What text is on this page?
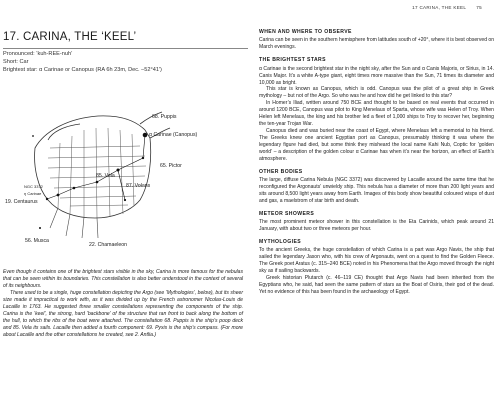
17 CARINA, THE KEEL 75
17. CARINA, THE ‘KEEL’
Pronounced: ‘kuh-REE-nuh’
Short: Car
Brightest star: α Carinae or Canopus (RA 6h 23m, Dec. –52°41′)
85. Vela
68. Puppis
α Carinae (Canopus)
65. Pictor
87. Volans
19. Centaurus
NGC 3372
η Carinae
56. Musca
22. Chamaeleon

Even though it contains one of the brightest stars visible in the sky, Carina is more famous for the nebulas that can be seen within its boundaries. This constellation is also better understood in the context of several of its neighbours.

There used to be a single, huge constellation depicting the Argo (see ‘Mythologies’, below), but its sheer size made it impractical to work with, as it was divided up by the French astronomer Nicolas-Louis de Lacaille in 1763. He suggested three smaller constellations representing the components of the ship. Carina is the ‘keel’, the strong, hard ‘backbone’ of the structure that ran front to back along the bottom of the hull, to which the ribs of the boat were attached. The constellation 68. Puppis is the ship’s poop deck and 85. Vela its sails. Lacaille then added a fourth component: 69. Pyxis is the ship’s compass. (For more about Lacaille and the other constellations he created, see 2. Antlia.)

WHEN AND WHERE TO OBSERVE

Carina can be seen in the southern hemisphere from latitudes south of +20°, where it is best observed on March evenings.

THE BRIGHTEST STARS

α Carinae is the second brightest star in the night sky, after the Sun and α Canis Majoris, or Sirius, in 14. Canis Major. It’s a white A-type giant, eight times more massive than the Sun, 71 times its diameter and 10,000 as bright.

This star is known as Canopus, which is odd. Canopus was the pilot of a great ship in Greek mythology – but not of the Argo. So who was he and how did he get linked to this star?

In Homer’s Iliad, written around 750 BCE and thought to be based on real events that occurred in around 1200 BCE, Canopus was pilot to King Menelaus of Sparta, whose wife was Helen of Troy. When Helen left Menelaus, the king and his brother led a fleet of 1,000 ships to Troy to recover her, beginning the ten-year Trojan War.

Canopus died and was buried near the coast of Egypt, where Menelaus left a memorial to his friend. The Greeks knew one ancient Egyptian port as Canopus, presumably thinking it was where the legendary figure had died, but some think they misheard the local name Kahi Nub, Coptic for ‘golden world’ – a description of the golden colour α Carinae has when it’s near the horizon, an effect of Earth’s atmosphere.

OTHER BODIES

The large, diffuse Carina Nebula (NGC 3372) was discovered by Lacaille around the same time that he reconfigured the Argonauts’ unwieldy ship. This nebula has a diameter of more than 200 light years and sits around 8,500 light years away from Earth. Images of this body show beautiful coloured wisps of dust and gas, a maelstrom of star birth and death.

METEOR SHOWERS

The most prominent meteor shower in this constellation is the Eta Carinids, which peak around 21 January, with about two or three meteors per hour.

MYTHOLOGIES

To the ancient Greeks, the huge constellation of which Carina is a part was Argo Navis, the ship that sailed the legendary Jason who, with his crew of Argonauts, went on a quest to find the Golden Fleece. The Greek poet Aratus (c. 315–240 BCE) noted in his Phenomena that the Argo moved through the night sky as if sailing backwards.

Greek historian Plutarch (c. 46–119 CE) thought that Argo Navis had been inherited from the Egyptians who, he said, had seen the same pattern of stars as the Boat of Osiris, their god of the dead. Yet no evidence of this has been found in the archaeology of Egypt.
